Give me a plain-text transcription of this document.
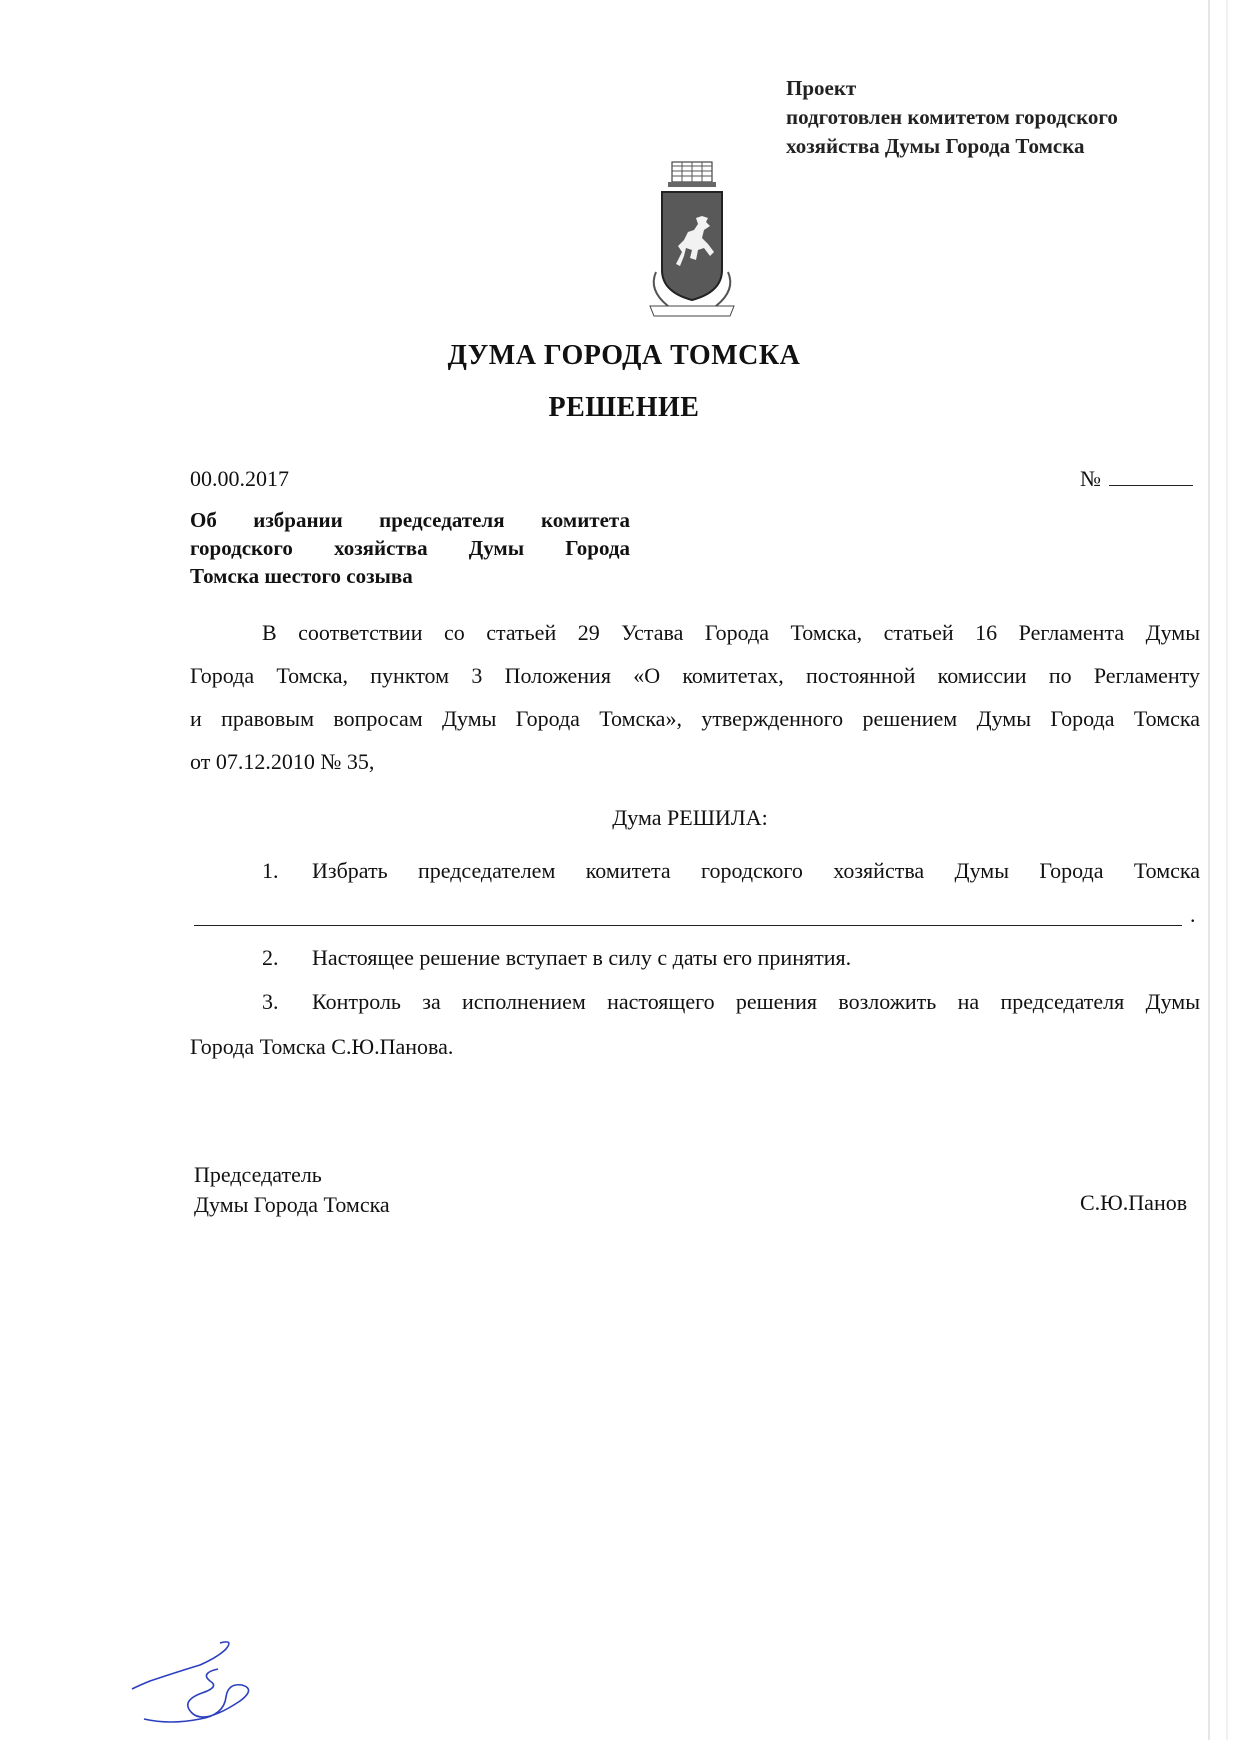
Проект
подготовлен комитетом городского
хозяйства Думы Города Томска
ДУМА ГОРОДА ТОМСКА
РЕШЕНИЕ
00.00.2017	№
Об избрании председателя комитета
городского хозяйства Думы Города
Томска шестого созыва
В соответствии со статьей 29 Устава Города Томска, статьей 16 Регламента Думы
Города Томска, пунктом 3 Положения «О комитетах, постоянной комиссии по Регламенту
и правовым вопросам Думы Города Томска», утвержденного решением Думы Города Томска
от 07.12.2010 № 35,
Дума РЕШИЛА:
1. Избрать председателем комитета городского хозяйства Думы Города Томска
.
2. Настоящее решение вступает в силу с даты его принятия.
3. Контроль за исполнением настоящего решения возложить на председателя Думы
Города Томска С.Ю.Панова.
Председатель
Думы Города Томска	С.Ю.Панов
